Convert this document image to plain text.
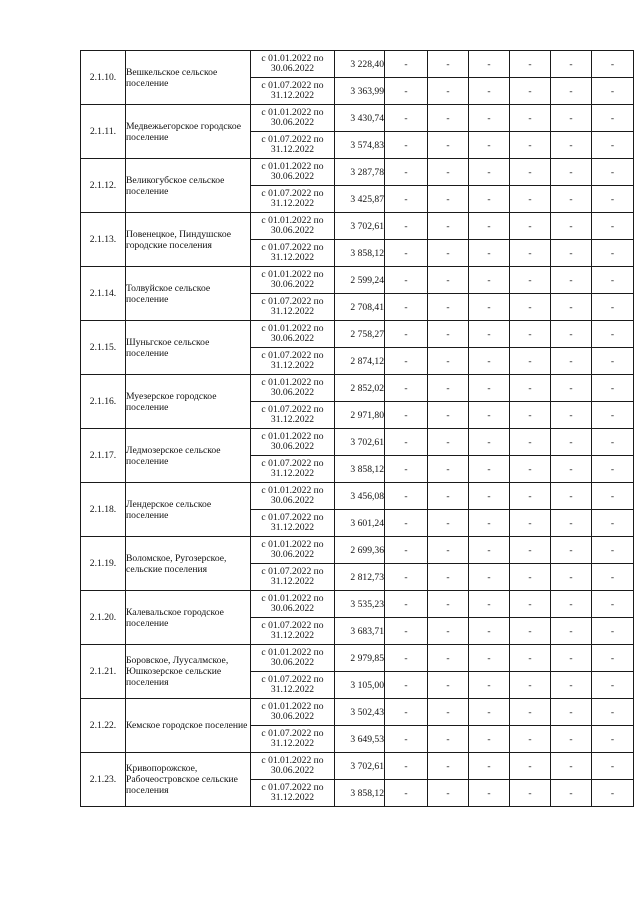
2.1.10.	Вешкельское сельское поселение	с 01.01.2022 по 30.06.2022	3 228,40	-	-	-	-	-	-
		с 01.07.2022 по 31.12.2022	3 363,99	-	-	-	-	-	-
2.1.11.	Медвежьегорское городское поселение	с 01.01.2022 по 30.06.2022	3 430,74	-	-	-	-	-	-
		с 01.07.2022 по 31.12.2022	3 574,83	-	-	-	-	-	-
2.1.12.	Великогубское сельское поселение	с 01.01.2022 по 30.06.2022	3 287,78	-	-	-	-	-	-
		с 01.07.2022 по 31.12.2022	3 425,87	-	-	-	-	-	-
2.1.13.	Повенецкое, Пиндушское городские поселения	с 01.01.2022 по 30.06.2022	3 702,61	-	-	-	-	-	-
		с 01.07.2022 по 31.12.2022	3 858,12	-	-	-	-	-	-
2.1.14.	Толвуйское сельское поселение	с 01.01.2022 по 30.06.2022	2 599,24	-	-	-	-	-	-
		с 01.07.2022 по 31.12.2022	2 708,41	-	-	-	-	-	-
2.1.15.	Шуньгское сельское поселение	с 01.01.2022 по 30.06.2022	2 758,27	-	-	-	-	-	-
		с 01.07.2022 по 31.12.2022	2 874,12	-	-	-	-	-	-
2.1.16.	Муезерское городское поселение	с 01.01.2022 по 30.06.2022	2 852,02	-	-	-	-	-	-
		с 01.07.2022 по 31.12.2022	2 971,80	-	-	-	-	-	-
2.1.17.	Ледмозерское сельское поселение	с 01.01.2022 по 30.06.2022	3 702,61	-	-	-	-	-	-
		с 01.07.2022 по 31.12.2022	3 858,12	-	-	-	-	-	-
2.1.18.	Лендерское сельское поселение	с 01.01.2022 по 30.06.2022	3 456,08	-	-	-	-	-	-
		с 01.07.2022 по 31.12.2022	3 601,24	-	-	-	-	-	-
2.1.19.	Воломское, Ругозерское, сельские поселения	с 01.01.2022 по 30.06.2022	2 699,36	-	-	-	-	-	-
		с 01.07.2022 по 31.12.2022	2 812,73	-	-	-	-	-	-
2.1.20.	Калевальское городское поселение	с 01.01.2022 по 30.06.2022	3 535,23	-	-	-	-	-	-
		с 01.07.2022 по 31.12.2022	3 683,71	-	-	-	-	-	-
2.1.21.	Боровское, Луусалмское, Юшкозерское сельские поселения	с 01.01.2022 по 30.06.2022	2 979,85	-	-	-	-	-	-
		с 01.07.2022 по 31.12.2022	3 105,00	-	-	-	-	-	-
2.1.22.	Кемское городское поселение	с 01.01.2022 по 30.06.2022	3 502,43	-	-	-	-	-	-
		с 01.07.2022 по 31.12.2022	3 649,53	-	-	-	-	-	-
2.1.23.	Кривопорожское, Рабочеостровское сельские поселения	с 01.01.2022 по 30.06.2022	3 702,61	-	-	-	-	-	-
		с 01.07.2022 по 31.12.2022	3 858,12	-	-	-	-	-	-
